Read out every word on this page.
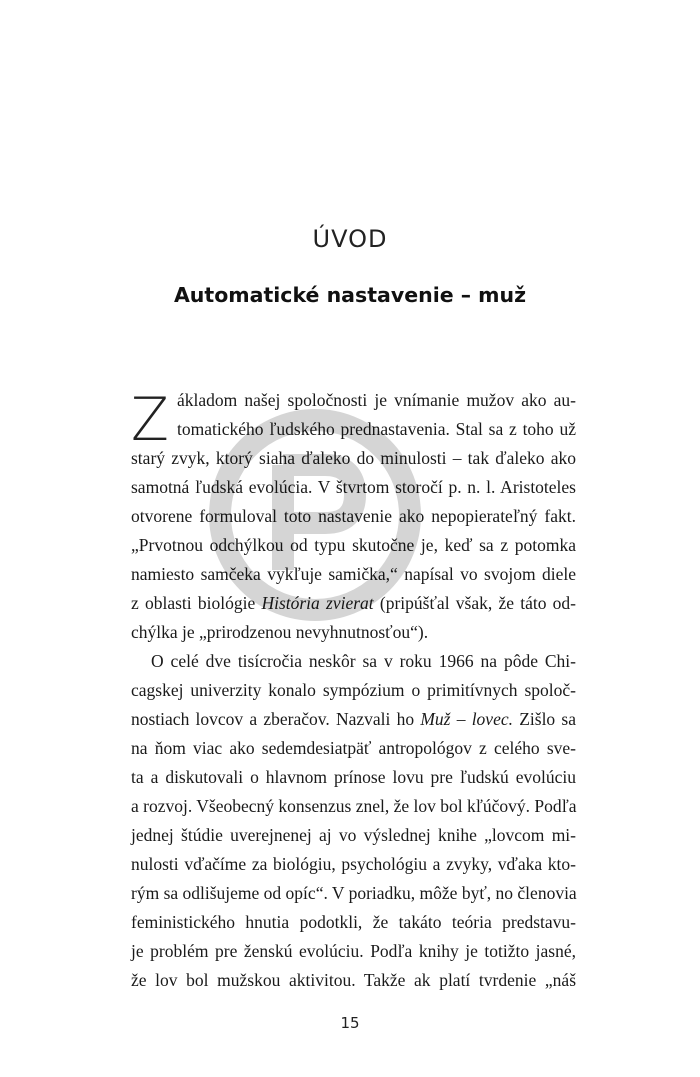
ÚVOD
Automatické nastavenie – muž
Z ákladom našej spoločnosti je vnímanie mužov ako au-
tomatického ľudského prednastavenia. Stal sa z toho už
starý zvyk, ktorý siaha ďaleko do minulosti – tak ďaleko ako
samotná ľudská evolúcia. V štvrtom storočí p. n. l. Aristoteles
otvorene formuloval toto nastavenie ako nepopierateľný fakt.
„Prvotnou odchýlkou od typu skutočne je, keď sa z potomka
namiesto samčeka vykľuje samička,“ napísal vo svojom diele
z oblasti biológie História zvierat (pripúšťal však, že táto od-
chýlka je „prirodzenou nevyhnutnosťou“).
O celé dve tisícročia neskôr sa v roku 1966 na pôde Chi-
cagskej univerzity konalo sympózium o primitívnych spoloč-
nostiach lovcov a zberačov. Nazvali ho Muž – lovec. Zišlo sa
na ňom viac ako sedemdesiatpäť antropológov z celého sve-
ta a diskutovali o hlavnom prínose lovu pre ľudskú evolúciu
a rozvoj. Všeobecný konsenzus znel, že lov bol kľúčový. Podľa
jednej štúdie uverejnenej aj vo výslednej knihe „lovcom mi-
nulosti vďačíme za biológiu, psychológiu a zvyky, vďaka kto-
rým sa odlišujeme od opíc“. V poriadku, môže byť, no členovia
feministického hnutia podotkli, že takáto teória predstavu-
je problém pre ženskú evolúciu. Podľa knihy je totižto jasné,
že lov bol mužskou aktivitou. Takže ak platí tvrdenie „náš
15
